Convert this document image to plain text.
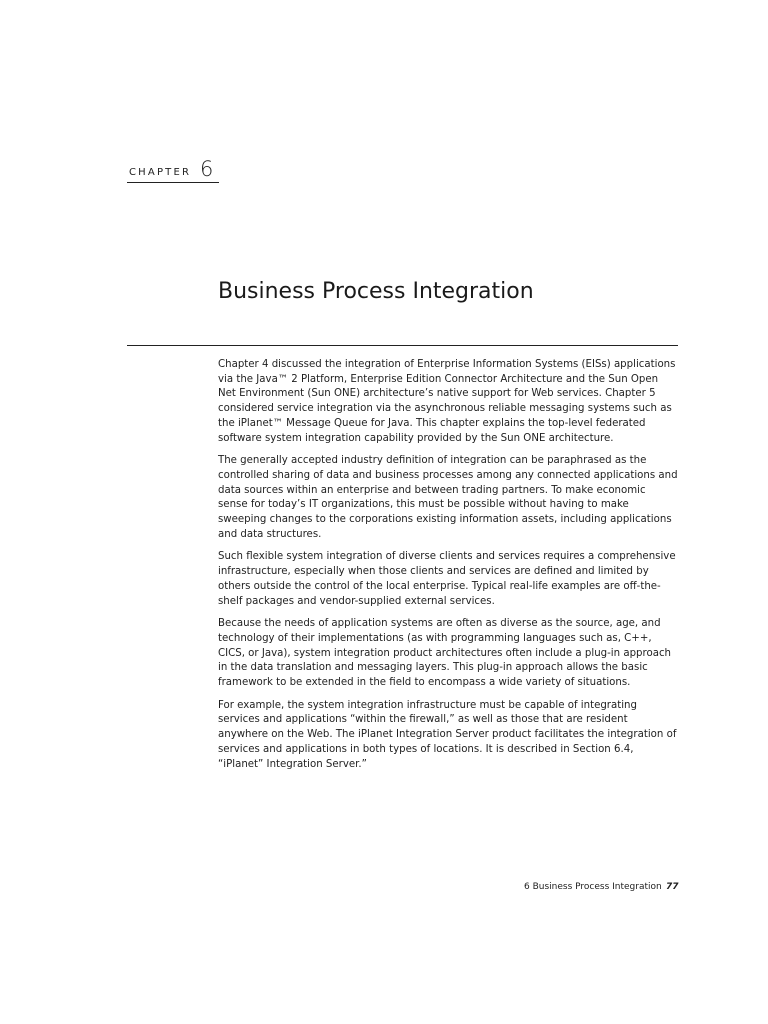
CHAPTER 6
Business Process Integration

Chapter 4 discussed the integration of Enterprise Information Systems (EISs) applications via the Java™ 2 Platform, Enterprise Edition Connector Architecture and the Sun Open Net Environment (Sun ONE) architecture’s native support for Web services. Chapter 5 considered service integration via the asynchronous reliable messaging systems such as the iPlanet™ Message Queue for Java. This chapter explains the top-level federated software system integration capability provided by the Sun ONE architecture.

The generally accepted industry definition of integration can be paraphrased as the controlled sharing of data and business processes among any connected applications and data sources within an enterprise and between trading partners. To make economic sense for today’s IT organizations, this must be possible without having to make sweeping changes to the corporations existing information assets, including applications and data structures.

Such flexible system integration of diverse clients and services requires a comprehensive infrastructure, especially when those clients and services are defined and limited by others outside the control of the local enterprise. Typical real-life examples are off-the-shelf packages and vendor-supplied external services.

Because the needs of application systems are often as diverse as the source, age, and technology of their implementations (as with programming languages such as, C++, CICS, or Java), system integration product architectures often include a plug-in approach in the data translation and messaging layers. This plug-in approach allows the basic framework to be extended in the field to encompass a wide variety of situations.

For example, the system integration infrastructure must be capable of integrating services and applications “within the firewall,” as well as those that are resident anywhere on the Web. The iPlanet Integration Server product facilitates the integration of services and applications in both types of locations. It is described in Section 6.4, “iPlanet” Integration Server.”

6 Business Process Integration 77
